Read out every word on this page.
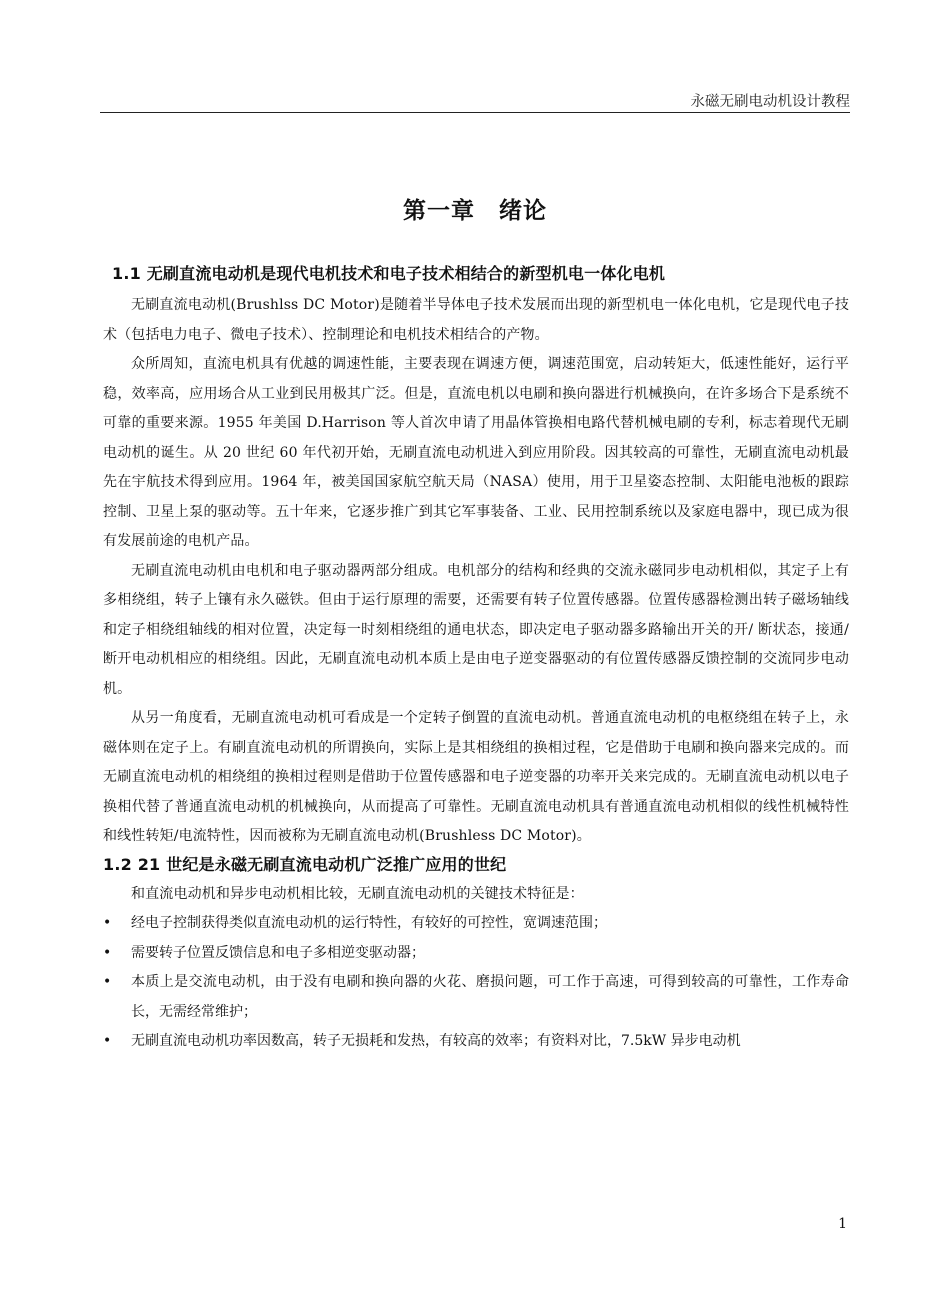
永磁无刷电动机设计教程
第一章　绪论
1.1 无刷直流电动机是现代电机技术和电子技术相结合的新型机电一体化电机

无刷直流电动机(Brushlss DC Motor)是随着半导体电子技术发展而出现的新型机电一体化电机，它是现代电子技术（包括电力电子、微电子技术）、控制理论和电机技术相结合的产物。

众所周知，直流电机具有优越的调速性能，主要表现在调速方便，调速范围宽，启动转矩大，低速性能好，运行平稳，效率高，应用场合从工业到民用极其广泛。但是，直流电机以电刷和换向器进行机械换向，在许多场合下是系统不可靠的重要来源。1955 年美国 D.Harrison 等人首次申请了用晶体管换相电路代替机械电刷的专利，标志着现代无刷电动机的诞生。从 20 世纪 60 年代初开始，无刷直流电动机进入到应用阶段。因其较高的可靠性，无刷直流电动机最先在宇航技术得到应用。1964 年，被美国国家航空航天局（NASA）使用，用于卫星姿态控制、太阳能电池板的跟踪控制、卫星上泵的驱动等。五十年来，它逐步推广到其它军事装备、工业、民用控制系统以及家庭电器中，现已成为很有发展前途的电机产品。

无刷直流电动机由电机和电子驱动器两部分组成。电机部分的结构和经典的交流永磁同步电动机相似，其定子上有多相绕组，转子上镶有永久磁铁。但由于运行原理的需要，还需要有转子位置传感器。位置传感器检测出转子磁场轴线和定子相绕组轴线的相对位置，决定每一时刻相绕组的通电状态，即决定电子驱动器多路输出开关的开/ 断状态，接通/ 断开电动机相应的相绕组。因此，无刷直流电动机本质上是由电子逆变器驱动的有位置传感器反馈控制的交流同步电动机。

从另一角度看，无刷直流电动机可看成是一个定转子倒置的直流电动机。普通直流电动机的电枢绕组在转子上，永磁体则在定子上。有刷直流电动机的所谓换向，实际上是其相绕组的换相过程，它是借助于电刷和换向器来完成的。而无刷直流电动机的相绕组的换相过程则是借助于位置传感器和电子逆变器的功率开关来完成的。无刷直流电动机以电子换相代替了普通直流电动机的机械换向，从而提高了可靠性。无刷直流电动机具有普通直流电动机相似的线性机械特性和线性转矩/电流特性，因而被称为无刷直流电动机(Brushless DC Motor)。

1.2 21 世纪是永磁无刷直流电动机广泛推广应用的世纪

和直流电动机和异步电动机相比较，无刷直流电动机的关键技术特征是：

• 经电子控制获得类似直流电动机的运行特性，有较好的可控性，宽调速范围；
• 需要转子位置反馈信息和电子多相逆变驱动器；
• 本质上是交流电动机，由于没有电刷和换向器的火花、磨损问题，可工作于高速，可得到较高的可靠性，工作寿命长，无需经常维护；
• 无刷直流电动机功率因数高，转子无损耗和发热，有较高的效率；有资料对比，7.5kW 异步电动机
1
